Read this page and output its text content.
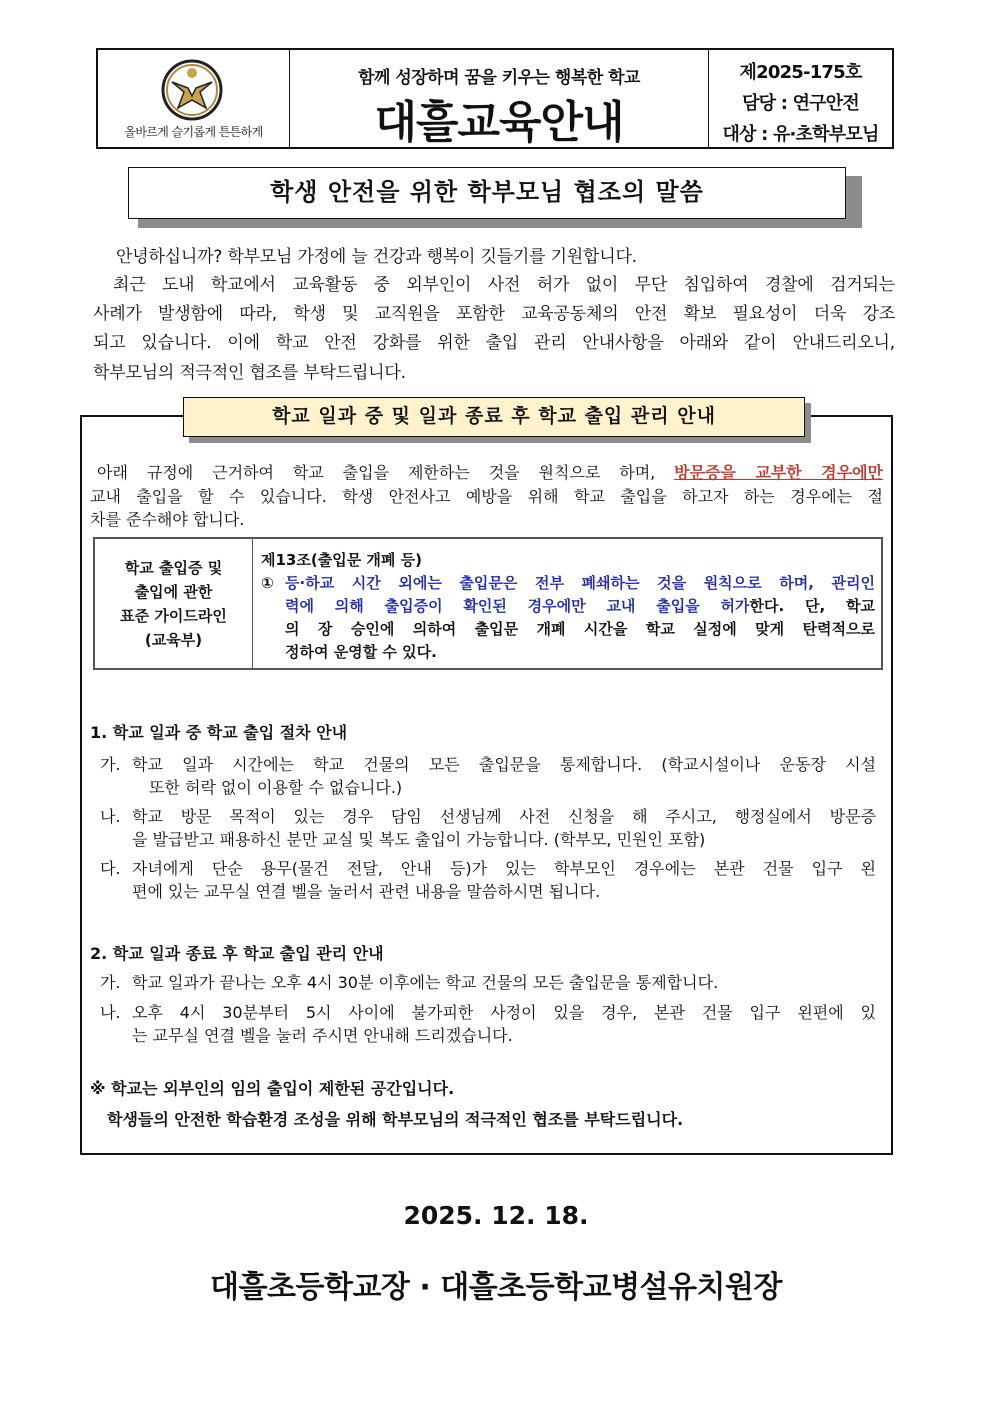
올바르게 슬기롭게 튼튼하게
함께 성장하며 꿈을 키우는 행복한 학교
대흘교육안내
제2025-175호
담당 : 연구안전
대상 : 유·초학부모님
학생 안전을 위한 학부모님 협조의 말씀
안녕하십니까? 학부모님 가정에 늘 건강과 행복이 깃들기를 기원합니다.
최근 도내 학교에서 교육활동 중 외부인이 사전 허가 없이 무단 침입하여 경찰에 검거되는
사례가 발생함에 따라, 학생 및 교직원을 포함한 교육공동체의 안전 확보 필요성이 더욱 강조
되고 있습니다. 이에 학교 안전 강화를 위한 출입 관리 안내사항을 아래와 같이 안내드리오니,
학부모님의 적극적인 협조를 부탁드립니다.
학교 일과 중 및 일과 종료 후 학교 출입 관리 안내
아래 규정에 근거하여 학교 출입을 제한하는 것을 원칙으로 하며, 방문증을 교부한 경우에만
교내 출입을 할 수 있습니다. 학생 안전사고 예방을 위해 학교 출입을 하고자 하는 경우에는 절
차를 준수해야 합니다.
학교 출입증 및
출입에 관한
표준 가이드라인
(교육부)
제13조(출입문 개폐 등)
① 등·하교 시간 외에는 출입문은 전부 폐쇄하는 것을 원칙으로 하며, 관리인
력에 의해 출입증이 확인된 경우에만 교내 출입을 허가한다. 단, 학교
의 장 승인에 의하여 출입문 개폐 시간을 학교 실정에 맞게 탄력적으로
정하여 운영할 수 있다.
1. 학교 일과 중 학교 출입 절차 안내
가. 학교 일과 시간에는 학교 건물의 모든 출입문을 통제합니다. (학교시설이나 운동장 시설
또한 허락 없이 이용할 수 없습니다.)
나. 학교 방문 목적이 있는 경우 담임 선생님께 사전 신청을 해 주시고, 행정실에서 방문증
을 발급받고 패용하신 분만 교실 및 복도 출입이 가능합니다. (학부모, 민원인 포함)
다. 자녀에게 단순 용무(물건 전달, 안내 등)가 있는 학부모인 경우에는 본관 건물 입구 왼
편에 있는 교무실 연결 벨을 눌러서 관련 내용을 말씀하시면 됩니다.
2. 학교 일과 종료 후 학교 출입 관리 안내
가. 학교 일과가 끝나는 오후 4시 30분 이후에는 학교 건물의 모든 출입문을 통제합니다.
나. 오후 4시 30분부터 5시 사이에 불가피한 사정이 있을 경우, 본관 건물 입구 왼편에 있
는 교무실 연결 벨을 눌러 주시면 안내해 드리겠습니다.
※ 학교는 외부인의 임의 출입이 제한된 공간입니다.
학생들의 안전한 학습환경 조성을 위해 학부모님의 적극적인 협조를 부탁드립니다.
2025. 12. 18.
대흘초등학교장 · 대흘초등학교병설유치원장
